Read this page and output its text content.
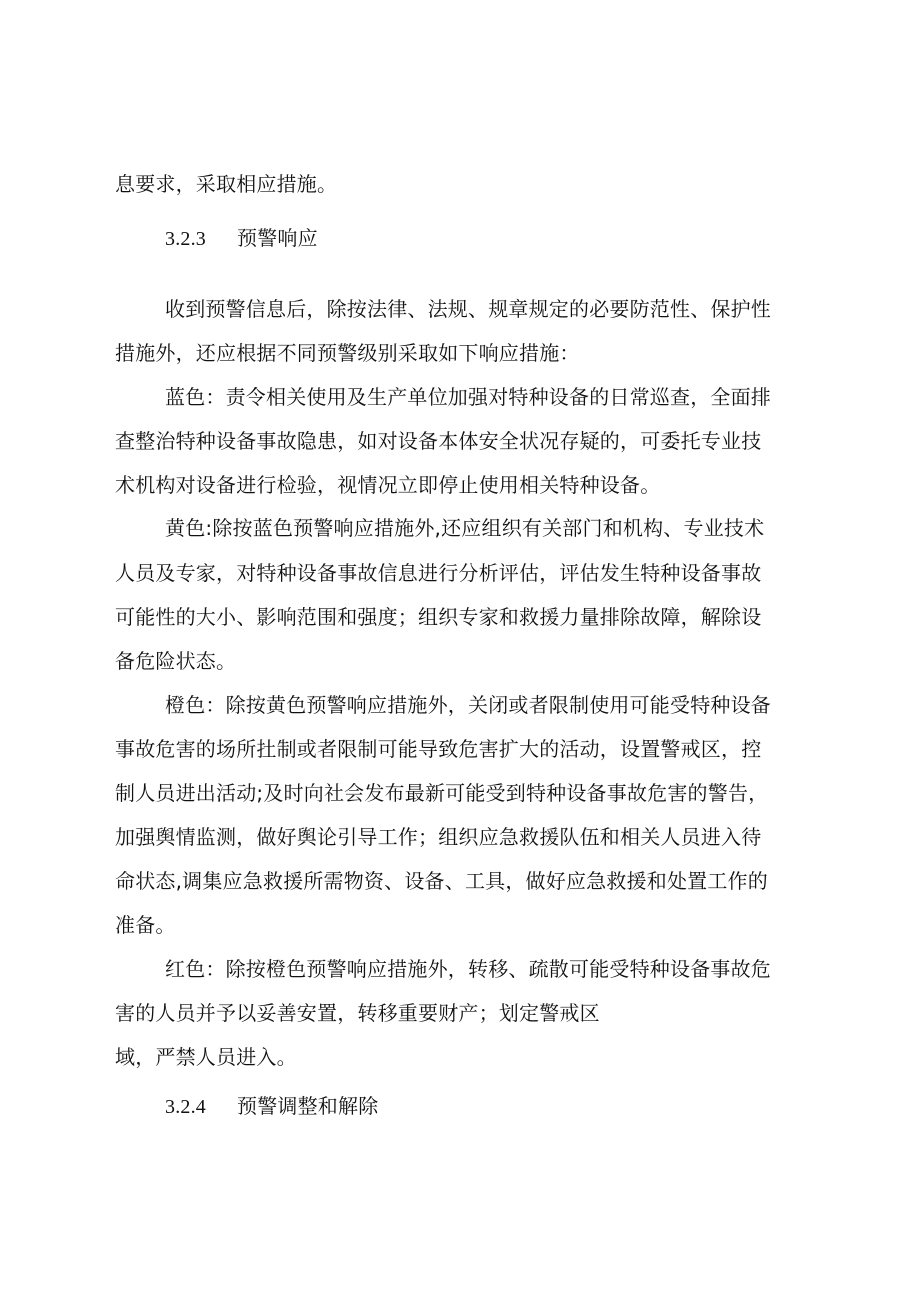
息要求，采取相应措施。
3.2.3 预警响应
收到预警信息后，除按法律、法规、规章规定的必要防范性、保护性
措施外，还应根据不同预警级别采取如下响应措施：
蓝色：责令相关使用及生产单位加强对特种设备的日常巡查，全面排
查整治特种设备事故隐患，如对设备本体安全状况存疑的，可委托专业技
术机构对设备进行检验，视情况立即停止使用相关特种设备。
黄色:除按蓝色预警响应措施外,还应组织有关部门和机构、专业技术
人员及专家，对特种设备事故信息进行分析评估，评估发生特种设备事故
可能性的大小、影响范围和强度；组织专家和救援力量排除故障，解除设
备危险状态。
橙色：除按黄色预警响应措施外，关闭或者限制使用可能受特种设备
事故危害的场所扗制或者限制可能导致危害扩大的活动，设置警戒区，控
制人员进出活动;及时向社会发布最新可能受到特种设备事故危害的警告，
加强舆情监测，做好舆论引导工作；组织应急救援队伍和相关人员进入待
命状态,调集应急救援所需物资、设备、工具，做好应急救援和处置工作的
准备。
红色：除按橙色预警响应措施外，转移、疏散可能受特种设备事故危
害的人员并予以妥善安置，转移重要财产；划定警戒区
域，严禁人员进入。
3.2.4 预警调整和解除
